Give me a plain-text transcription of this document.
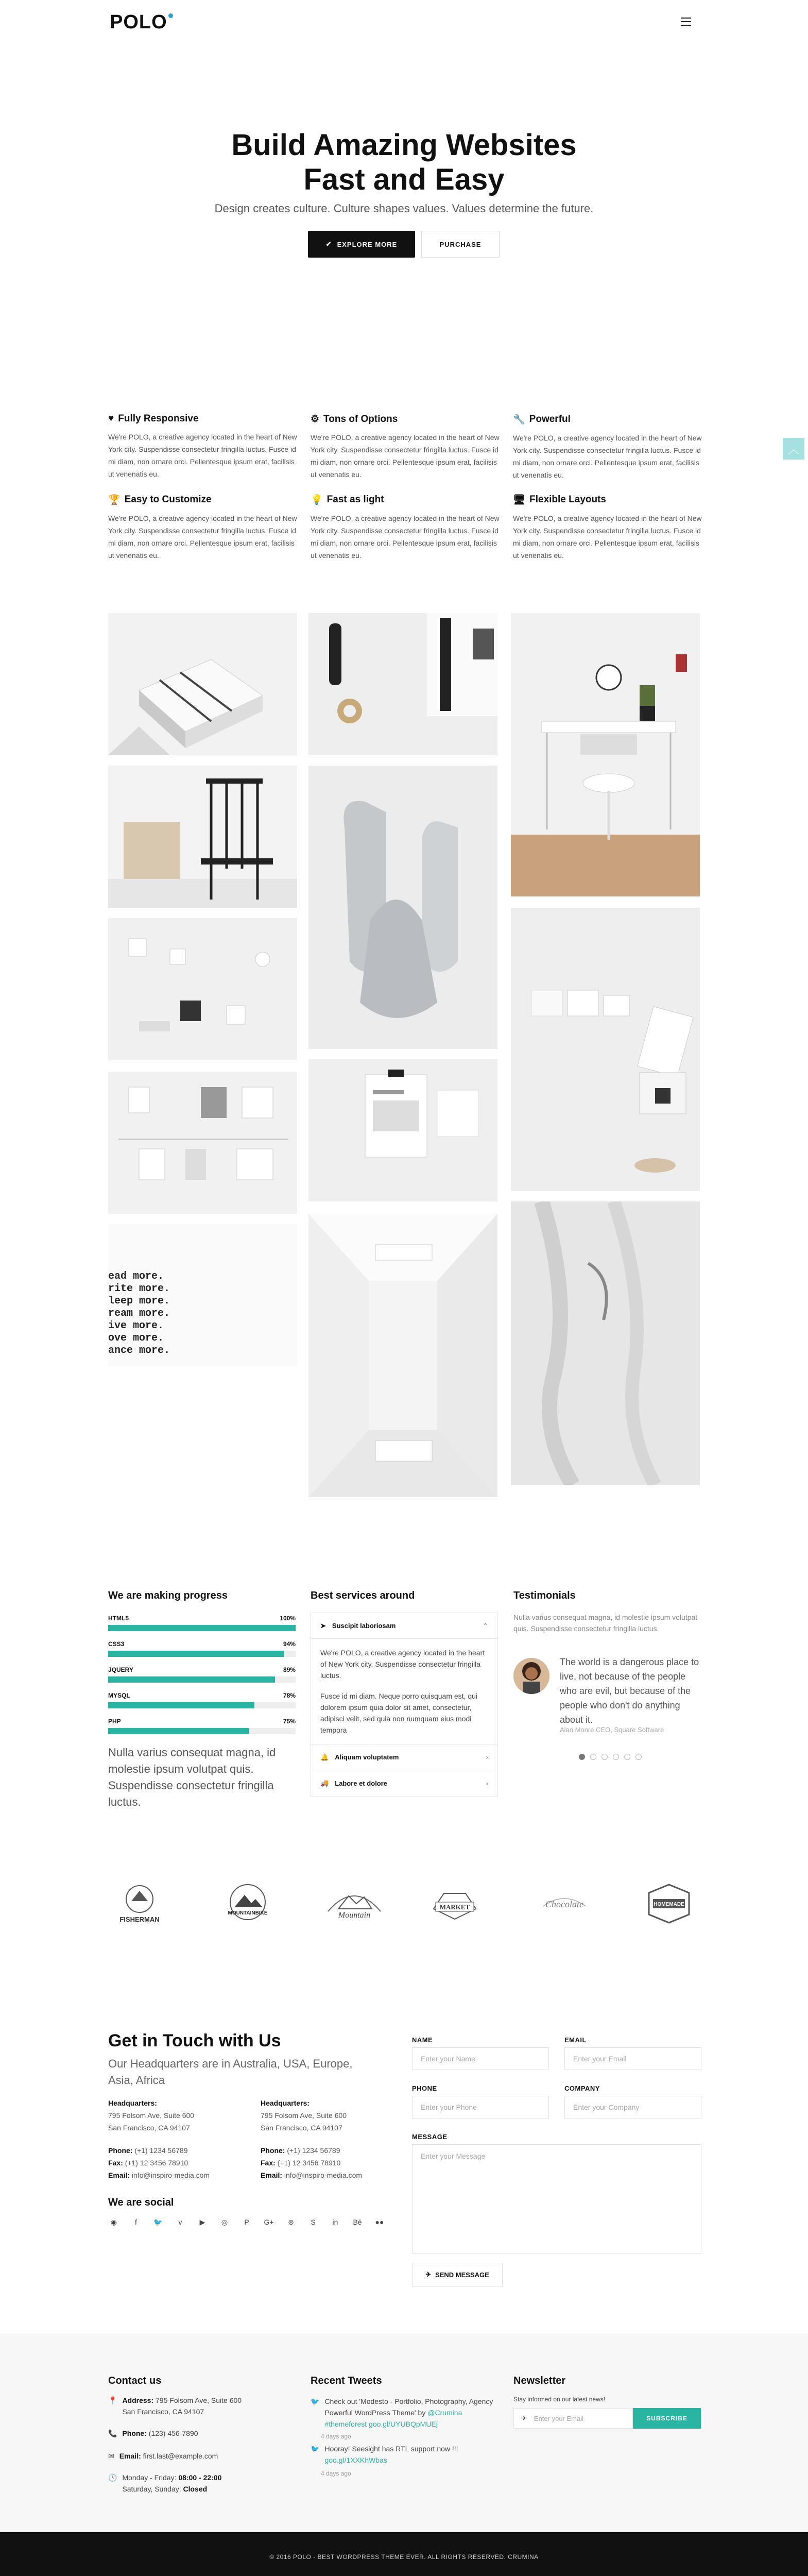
POLO
Build Amazing Websites
Fast and Easy
Design creates culture. Culture shapes values. Values determine the future.
✔ EXPLORE MORE	PURCHASE
︿
♥ Fully Responsive

We're POLO, a creative agency located in the heart of New York city. Suspendisse consectetur fringilla luctus. Fusce id mi diam, non ornare orci. Pellentesque ipsum erat, facilisis ut venenatis eu.

⚙ Tons of Options

We're POLO, a creative agency located in the heart of New York city. Suspendisse consectetur fringilla luctus. Fusce id mi diam, non ornare orci. Pellentesque ipsum erat, facilisis ut venenatis eu.

🔧 Powerful

We're POLO, a creative agency located in the heart of New York city. Suspendisse consectetur fringilla luctus. Fusce id mi diam, non ornare orci. Pellentesque ipsum erat, facilisis ut venenatis eu.

🏆 Easy to Customize

We're POLO, a creative agency located in the heart of New York city. Suspendisse consectetur fringilla luctus. Fusce id mi diam, non ornare orci. Pellentesque ipsum erat, facilisis ut venenatis eu.

💡 Fast as light

We're POLO, a creative agency located in the heart of New York city. Suspendisse consectetur fringilla luctus. Fusce id mi diam, non ornare orci. Pellentesque ipsum erat, facilisis ut venenatis eu.

🖥 Flexible Layouts

We're POLO, a creative agency located in the heart of New York city. Suspendisse consectetur fringilla luctus. Fusce id mi diam, non ornare orci. Pellentesque ipsum erat, facilisis ut venenatis eu.

ead more.
rite more.
leep more.
ream more.
ive more.
ove more.
ance more.
We are making progress
HTML5	100%
CSS3	94%
JQUERY	89%
MYSQL	78%
PHP	75%
Nulla varius consequat magna, id molestie ipsum volutpat quis. Suspendisse consectetur fringilla luctus.
Best services around
➤ Suscipit laboriosam	⌃

We're POLO, a creative agency located in the heart of New York city. Suspendisse consectetur fringilla luctus.

Fusce id mi diam. Neque porro quisquam est, qui dolorem ipsum quia dolor sit amet, consectetur, adipisci velit, sed quia non numquam eius modi tempora

🔔 Aliquam voluptatem	›
🚚 Labore et dolore	›
Testimonials
Nulla varius consequat magna, id molestie ipsum volutpat quis. Suspendisse consectetur fringilla luctus.
The world is a dangerous place to live, not because of the people who are evil, but because of the people who don't do anything about it.
Alan Monre,CEO, Square Software
FISHERMAN
MOUNTAINBIKE	Mountain
MARKET	Chocolate	HOMEMADE
Get in Touch with Us
Our Headquarters are in Australia, USA, Europe, Asia, Africa
Headquarters:
795 Folsom Ave, Suite 600
San Francisco, CA 94107
Phone: (+1) 1234 56789
Fax: (+1) 12 3456 78910
Email: info@inspiro-media.com
Headquarters:
795 Folsom Ave, Suite 600
San Francisco, CA 94107
Phone: (+1) 1234 56789
Fax: (+1) 12 3456 78910
Email: info@inspiro-media.com
We are social
◉	f	🐦	v	▶	◎	P	G+	⊛	S	in	Bē ●●
NAME
Enter your Name
EMAIL
Enter your Email
PHONE
Enter your Phone
COMPANY
Enter your Company
MESSAGE
Enter your Message
✈ SEND MESSAGE
Contact us
📍 Address: 795 Folsom Ave, Suite 600
San Francisco, CA 94107
📞 Phone: (123) 456-7890
✉ Email: first.last@example.com
🕓 Monday - Friday: 08:00 - 22:00
Saturday, Sunday: Closed
Recent Tweets
🐦 Check out 'Modesto - Portfolio, Photography, Agency Powerful WordPress Theme' by @Crumina #themeforest goo.gl/UYUBQpMUEj
4 days ago
🐦 Hooray! Seesight has RTL support now !!!
goo.gl/1XXKhWbas
4 days ago
Newsletter
Stay informed on our latest news!
✈ Enter your Email	SUBSCRIBE
© 2016 POLO - BEST WORDPRESS THEME EVER. ALL RIGHTS RESERVED. CRUMINA
